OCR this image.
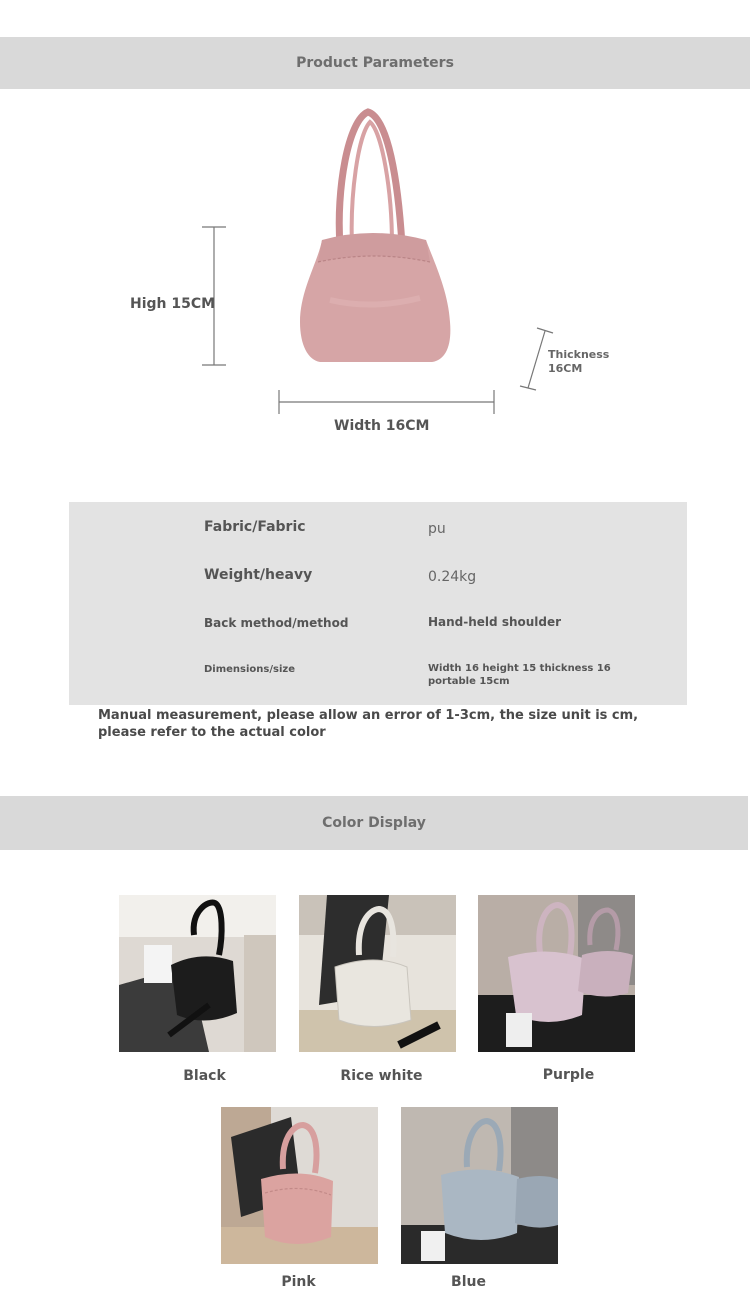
Product Parameters
High 15CM
Width 16CM
Thickness
16CM
Fabric/Fabric	pu
Weight/heavy	0.24kg
Back method/method	Hand-held shoulder
Dimensions/size	Width 16 height 15 thickness 16
portable 15cm
Manual measurement, please allow an error of 1-3cm, the size unit is cm, please refer to the actual color
Color Display
Black	Rice white	Purple
Pink	Blue
